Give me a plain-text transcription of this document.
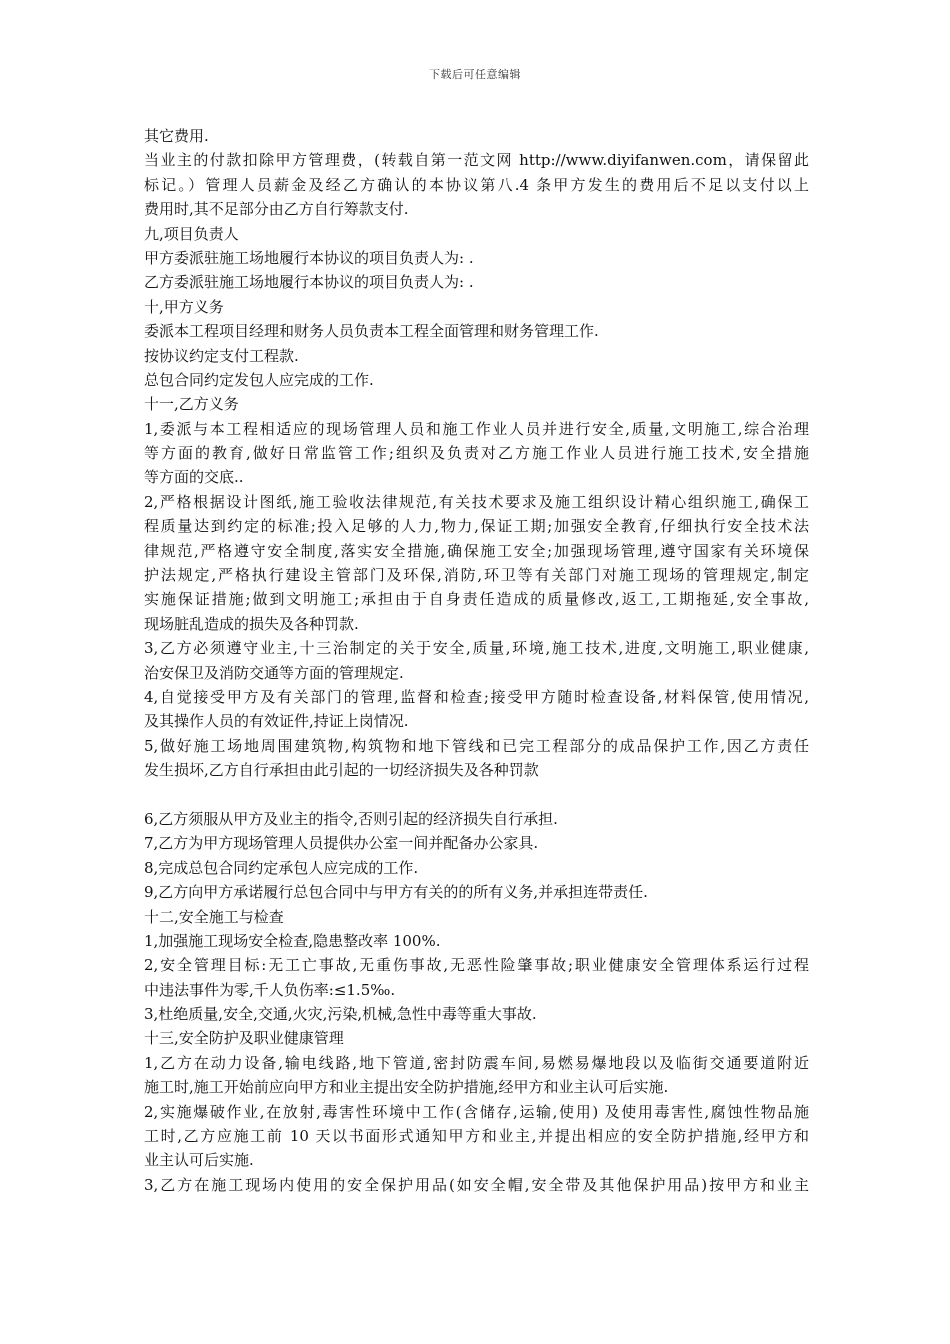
下载后可任意编辑
其它费用.
当业主的付款扣除甲方管理费，(转载自第一范文网 http://www.diyifanwen.com，请保留此
标记。）管理人员薪金及经乙方确认的本协议第八.4 条甲方发生的费用后不足以支付以上
费用时,其不足部分由乙方自行筹款支付.
九,项目负责人
甲方委派驻施工场地履行本协议的项目负责人为: .
乙方委派驻施工场地履行本协议的项目负责人为: .
十,甲方义务
委派本工程项目经理和财务人员负责本工程全面管理和财务管理工作.
按协议约定支付工程款.
总包合同约定发包人应完成的工作.
十一,乙方义务
1,委派与本工程相适应的现场管理人员和施工作业人员并进行安全,质量,文明施工,综合治理
等方面的教育,做好日常监管工作;组织及负责对乙方施工作业人员进行施工技术,安全措施
等方面的交底..
2,严格根据设计图纸,施工验收法律规范,有关技术要求及施工组织设计精心组织施工,确保工
程质量达到约定的标准;投入足够的人力,物力,保证工期;加强安全教育,仔细执行安全技术法
律规范,严格遵守安全制度,落实安全措施,确保施工安全;加强现场管理,遵守国家有关环境保
护法规定,严格执行建设主管部门及环保,消防,环卫等有关部门对施工现场的管理规定,制定
实施保证措施;做到文明施工;承担由于自身责任造成的质量修改,返工,工期拖延,安全事故,
现场脏乱造成的损失及各种罚款.
3,乙方必须遵守业主,十三治制定的关于安全,质量,环境,施工技术,进度,文明施工,职业健康,
治安保卫及消防交通等方面的管理规定.
4,自觉接受甲方及有关部门的管理,监督和检查;接受甲方随时检查设备,材料保管,使用情况,
及其操作人员的有效证件,持证上岗情况.
5,做好施工场地周围建筑物,构筑物和地下管线和已完工程部分的成品保护工作,因乙方责任
发生损坏,乙方自行承担由此引起的一切经济损失及各种罚款
6,乙方须服从甲方及业主的指令,否则引起的经济损失自行承担.
7,乙方为甲方现场管理人员提供办公室一间并配备办公家具.
8,完成总包合同约定承包人应完成的工作.
9,乙方向甲方承诺履行总包合同中与甲方有关的的所有义务,并承担连带责任.
十二,安全施工与检查
1,加强施工现场安全检查,隐患整改率 100%.
2,安全管理目标:无工亡事故,无重伤事故,无恶性险肇事故;职业健康安全管理体系运行过程
中违法事件为零,千人负伤率:≤1.5‰.
3,杜绝质量,安全,交通,火灾,污染,机械,急性中毒等重大事故.
十三,安全防护及职业健康管理
1,乙方在动力设备,输电线路,地下管道,密封防震车间,易燃易爆地段以及临街交通要道附近
施工时,施工开始前应向甲方和业主提出安全防护措施,经甲方和业主认可后实施.
2,实施爆破作业,在放射,毒害性环境中工作(含储存,运输,使用) 及使用毒害性,腐蚀性物品施
工时,乙方应施工前 10 天以书面形式通知甲方和业主,并提出相应的安全防护措施,经甲方和
业主认可后实施.
3,乙方在施工现场内使用的安全保护用品(如安全帽,安全带及其他保护用品)按甲方和业主
